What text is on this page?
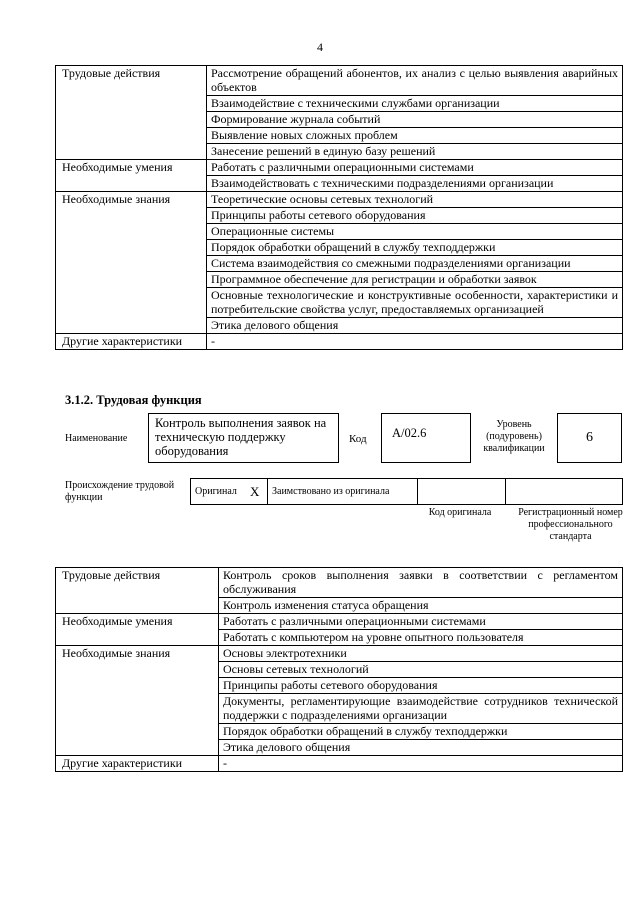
4
Трудовые действия	Рассмотрение обращений абонентов, их анализ с целью выявления аварийных объектов
	Взаимодействие с техническими службами организации
	Формирование журнала событий
	Выявление новых сложных проблем
	Занесение решений в единую базу решений
Необходимые умения	Работать с различными операционными системами
	Взаимодействовать с техническими подразделениями организации
Необходимые знания	Теоретические основы сетевых технологий
	Принципы работы сетевого оборудования
	Операционные системы
	Порядок обработки обращений в службу техподдержки
	Система взаимодействия со смежными подразделениями организации
	Программное обеспечение для регистрации и обработки заявок
	Основные технологические и конструктивные особенности, характеристики и потребительские свойства услуг, предоставляемых организацией
	Этика делового общения
Другие характеристики	-
3.1.2. Трудовая функция
Наименование
Контроль выполнения заявок на техническую поддержку оборудования
Код	A/02.6
Уровень (подуровень) квалификации
6
Происхождение трудовой функции
Оригинал	X	Заимствовано из оригинала		
Код оригинала	Регистрационный номер профессионального стандарта
Трудовые действия	Контроль сроков выполнения заявки в соответствии с регламентом обслуживания
	Контроль изменения статуса обращения
Необходимые умения	Работать с различными операционными системами
	Работать с компьютером на уровне опытного пользователя
Необходимые знания	Основы электротехники
	Основы сетевых технологий
	Принципы работы сетевого оборудования
	Документы, регламентирующие взаимодействие сотрудников технической поддержки с подразделениями организации
	Порядок обработки обращений в службу техподдержки
	Этика делового общения
Другие характеристики	-
